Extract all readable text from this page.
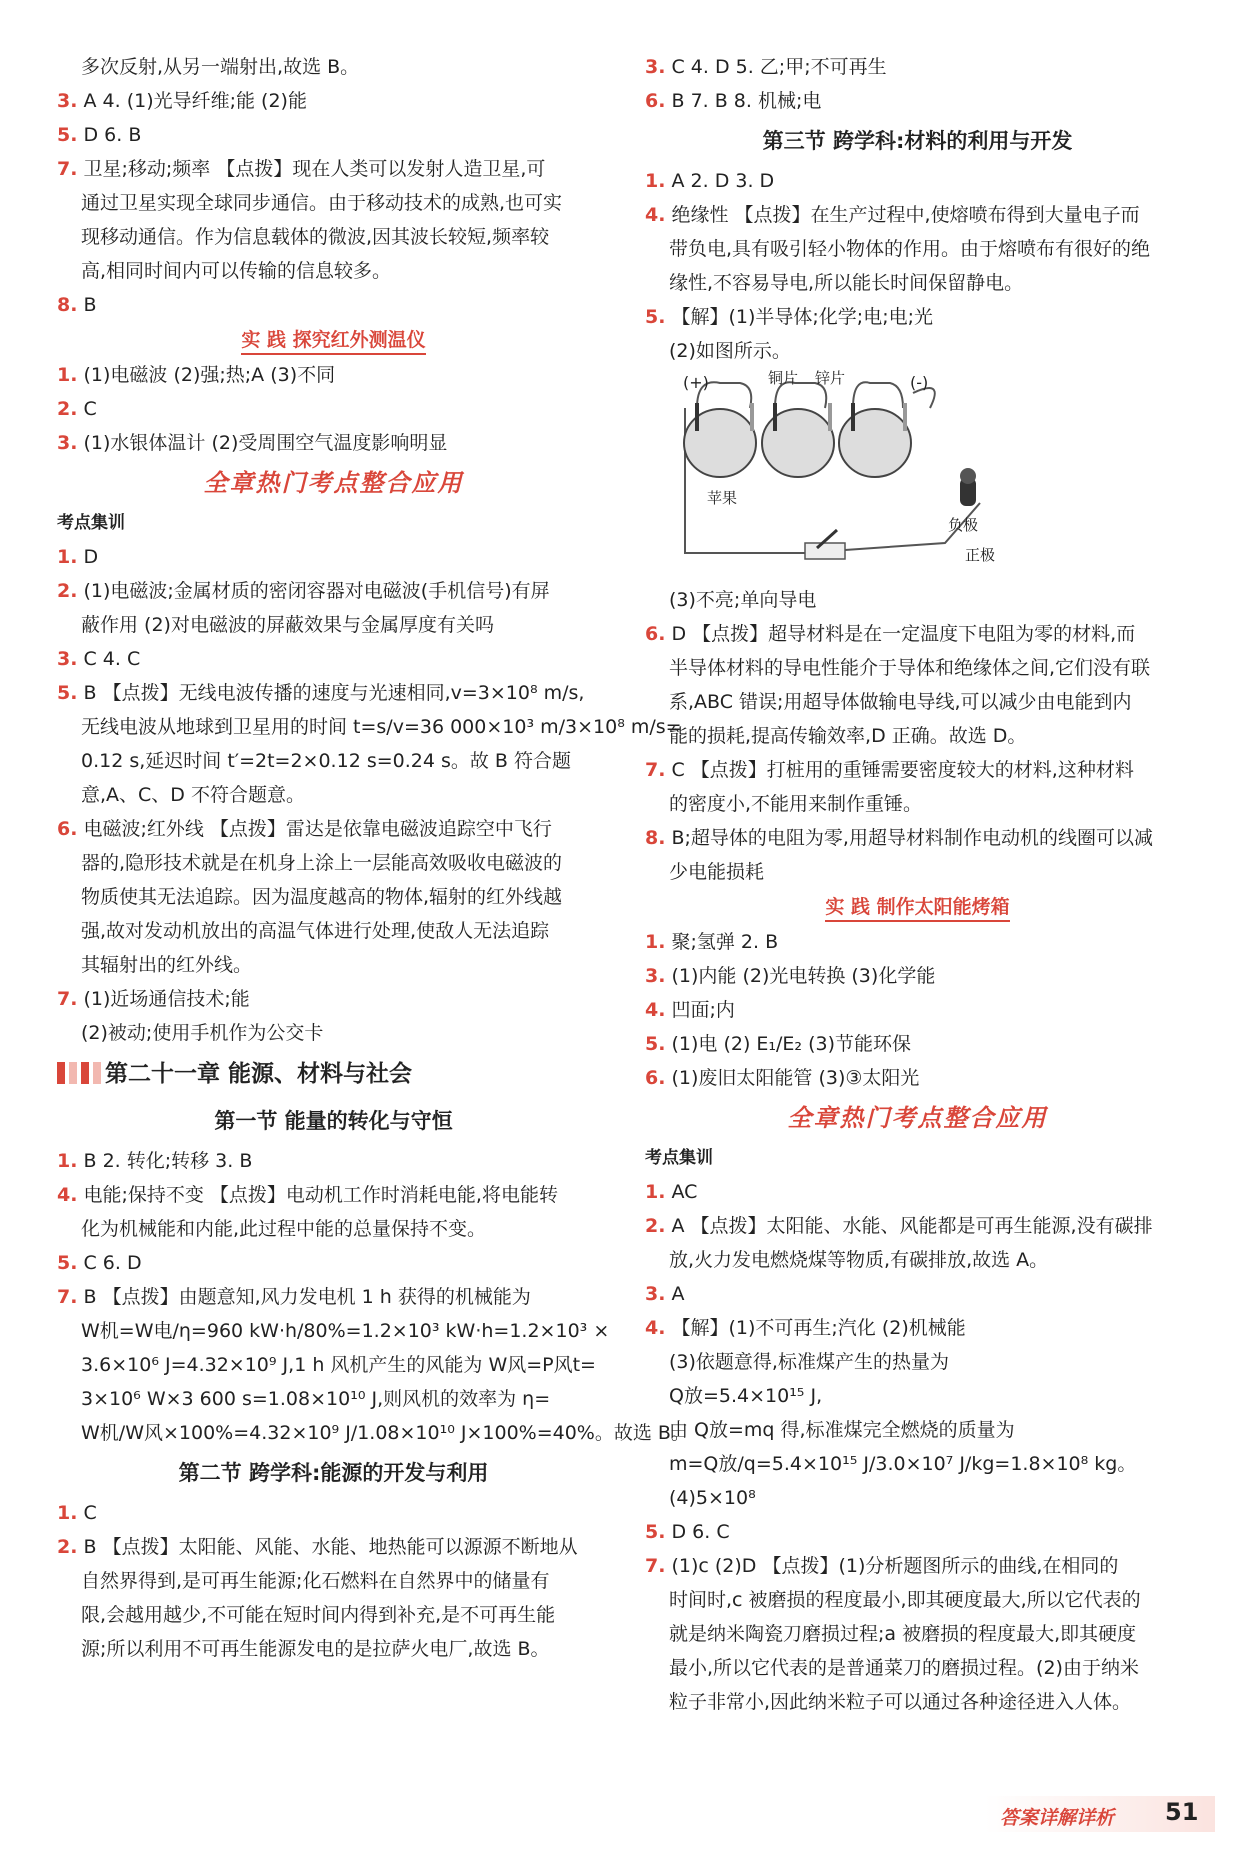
多次反射,从另一端射出,故选 B。
3. A 4. (1)光导纤维;能 (2)能
5. D 6. B
7. 卫星;移动;频率 【点拨】现在人类可以发射人造卫星,可
通过卫星实现全球同步通信。由于移动技术的成熟,也可实
现移动通信。作为信息载体的微波,因其波长较短,频率较
高,相同时间内可以传输的信息较多。
8. B
实 践 探究红外测温仪
1. (1)电磁波 (2)强;热;A (3)不同
2. C
3. (1)水银体温计 (2)受周围空气温度影响明显
全章热门考点整合应用
考点集训
1. D
2. (1)电磁波;金属材质的密闭容器对电磁波(手机信号)有屏
蔽作用 (2)对电磁波的屏蔽效果与金属厚度有关吗
3. C 4. C
5. B 【点拨】无线电波传播的速度与光速相同,v=3×10⁸ m/s,
无线电波从地球到卫星用的时间 t=s/v=36 000×10³ m/3×10⁸ m/s=
0.12 s,延迟时间 t′=2t=2×0.12 s=0.24 s。故 B 符合题
意,A、C、D 不符合题意。
6. 电磁波;红外线 【点拨】雷达是依靠电磁波追踪空中飞行
器的,隐形技术就是在机身上涂上一层能高效吸收电磁波的
物质使其无法追踪。因为温度越高的物体,辐射的红外线越
强,故对发动机放出的高温气体进行处理,使敌人无法追踪
其辐射出的红外线。
7. (1)近场通信技术;能
(2)被动;使用手机作为公交卡
第二十一章 能源、材料与社会
第一节 能量的转化与守恒
1. B 2. 转化;转移 3. B
4. 电能;保持不变 【点拨】电动机工作时消耗电能,将电能转
化为机械能和内能,此过程中能的总量保持不变。
5. C 6. D
7. B 【点拨】由题意知,风力发电机 1 h 获得的机械能为
W机=W电/η=960 kW·h/80%=1.2×10³ kW·h=1.2×10³ ×
3.6×10⁶ J=4.32×10⁹ J,1 h 风机产生的风能为 W风=P风t=
3×10⁶ W×3 600 s=1.08×10¹⁰ J,则风机的效率为 η=
W机/W风×100%=4.32×10⁹ J/1.08×10¹⁰ J×100%=40%。故选 B。
第二节 跨学科:能源的开发与利用
1. C
2. B 【点拨】太阳能、风能、水能、地热能可以源源不断地从
自然界得到,是可再生能源;化石燃料在自然界中的储量有
限,会越用越少,不可能在短时间内得到补充,是不可再生能
源;所以利用不可再生能源发电的是拉萨火电厂,故选 B。
3. C 4. D 5. 乙;甲;不可再生
6. B 7. B 8. 机械;电
第三节 跨学科:材料的利用与开发
1. A 2. D 3. D
4. 绝缘性 【点拨】在生产过程中,使熔喷布得到大量电子而
带负电,具有吸引轻小物体的作用。由于熔喷布有很好的绝
缘性,不容易导电,所以能长时间保留静电。
5. 【解】(1)半导体;化学;电;电;光
(2)如图所示。
(+)	(-)
铜片 锌片
苹果
负极
正极
(3)不亮;单向导电
6. D 【点拨】超导材料是在一定温度下电阻为零的材料,而
半导体材料的导电性能介于导体和绝缘体之间,它们没有联
系,ABC 错误;用超导体做输电导线,可以减少由电能到内
能的损耗,提高传输效率,D 正确。故选 D。
7. C 【点拨】打桩用的重锤需要密度较大的材料,这种材料
的密度小,不能用来制作重锤。
8. B;超导体的电阻为零,用超导材料制作电动机的线圈可以减
少电能损耗
实 践 制作太阳能烤箱
1. 聚;氢弹 2. B
3. (1)内能 (2)光电转换 (3)化学能
4. 凹面;内
5. (1)电 (2) E₁/E₂ (3)节能环保
6. (1)废旧太阳能管 (3)③太阳光
全章热门考点整合应用
考点集训
1. AC
2. A 【点拨】太阳能、水能、风能都是可再生能源,没有碳排
放,火力发电燃烧煤等物质,有碳排放,故选 A。
3. A
4. 【解】(1)不可再生;汽化 (2)机械能
(3)依题意得,标准煤产生的热量为
Q放=5.4×10¹⁵ J,
由 Q放=mq 得,标准煤完全燃烧的质量为
m=Q放/q=5.4×10¹⁵ J/3.0×10⁷ J/kg=1.8×10⁸ kg。
(4)5×10⁸
5. D 6. C
7. (1)c (2)D 【点拨】(1)分析题图所示的曲线,在相同的
时间时,c 被磨损的程度最小,即其硬度最大,所以它代表的
就是纳米陶瓷刀磨损过程;a 被磨损的程度最大,即其硬度
最小,所以它代表的是普通菜刀的磨损过程。(2)由于纳米
粒子非常小,因此纳米粒子可以通过各种途径进入人体。
答案详解详析 51
